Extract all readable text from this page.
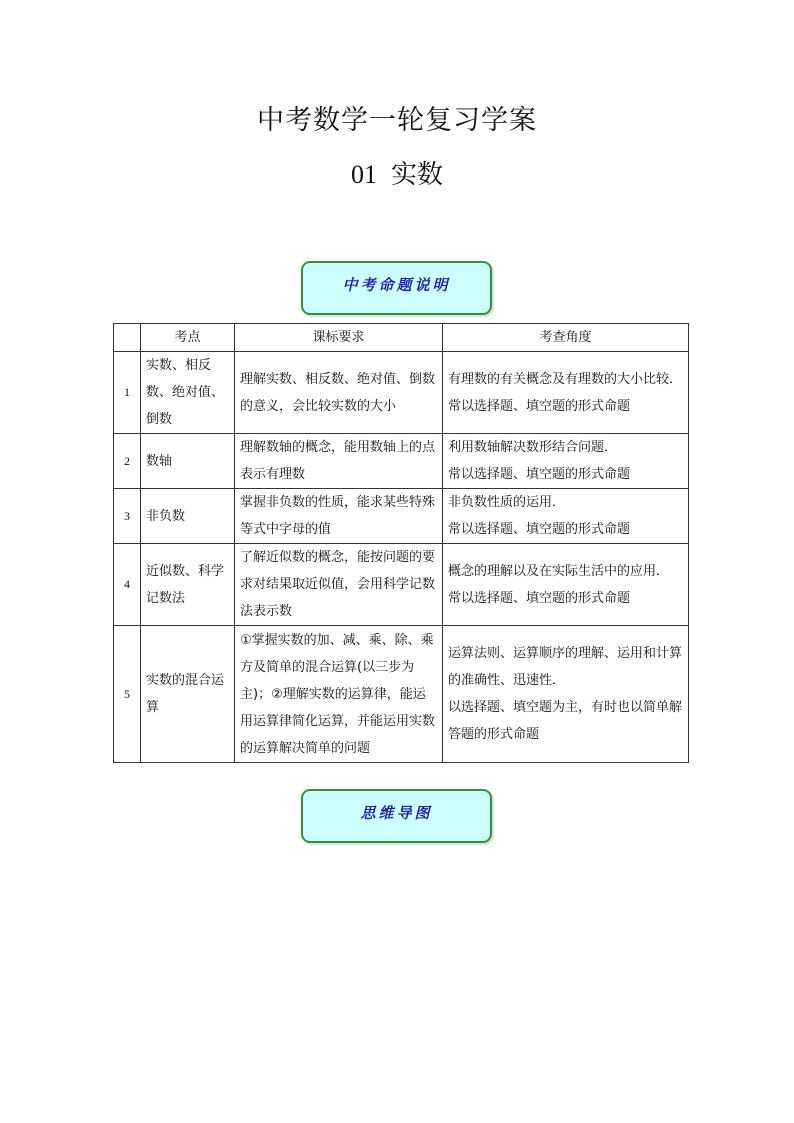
中考数学一轮复习学案
01 实数
中考命题说明
	考点	课标要求	考查角度
1	实数、相反数、绝对值、倒数	理解实数、相反数、绝对值、倒数的意义，会比较实数的大小	有理数的有关概念及有理数的大小比较．

常以选择题、填空题的形式命题

2	数轴	理解数轴的概念，能用数轴上的点表示有理数	利用数轴解决数形结合问题．

常以选择题、填空题的形式命题

3	非负数	掌握非负数的性质，能求某些特殊等式中字母的值	非负数性质的运用．

常以选择题、填空题的形式命题

4	近似数、科学记数法	了解近似数的概念，能按问题的要求对结果取近似值，会用科学记数法表示数	概念的理解以及在实际生活中的应用．

常以选择题、填空题的形式命题

5	实数的混合运算	①掌握实数的加、减、乘、除、乘方及简单的混合运算(以三步为主)；②理解实数的运算律，能运用运算律简化运算，并能运用实数的运算解决简单的问题	运算法则、运算顺序的理解、运用和计算的准确性、迅速性．

以选择题、填空题为主，有时也以简单解答题的形式命题

思维导图
